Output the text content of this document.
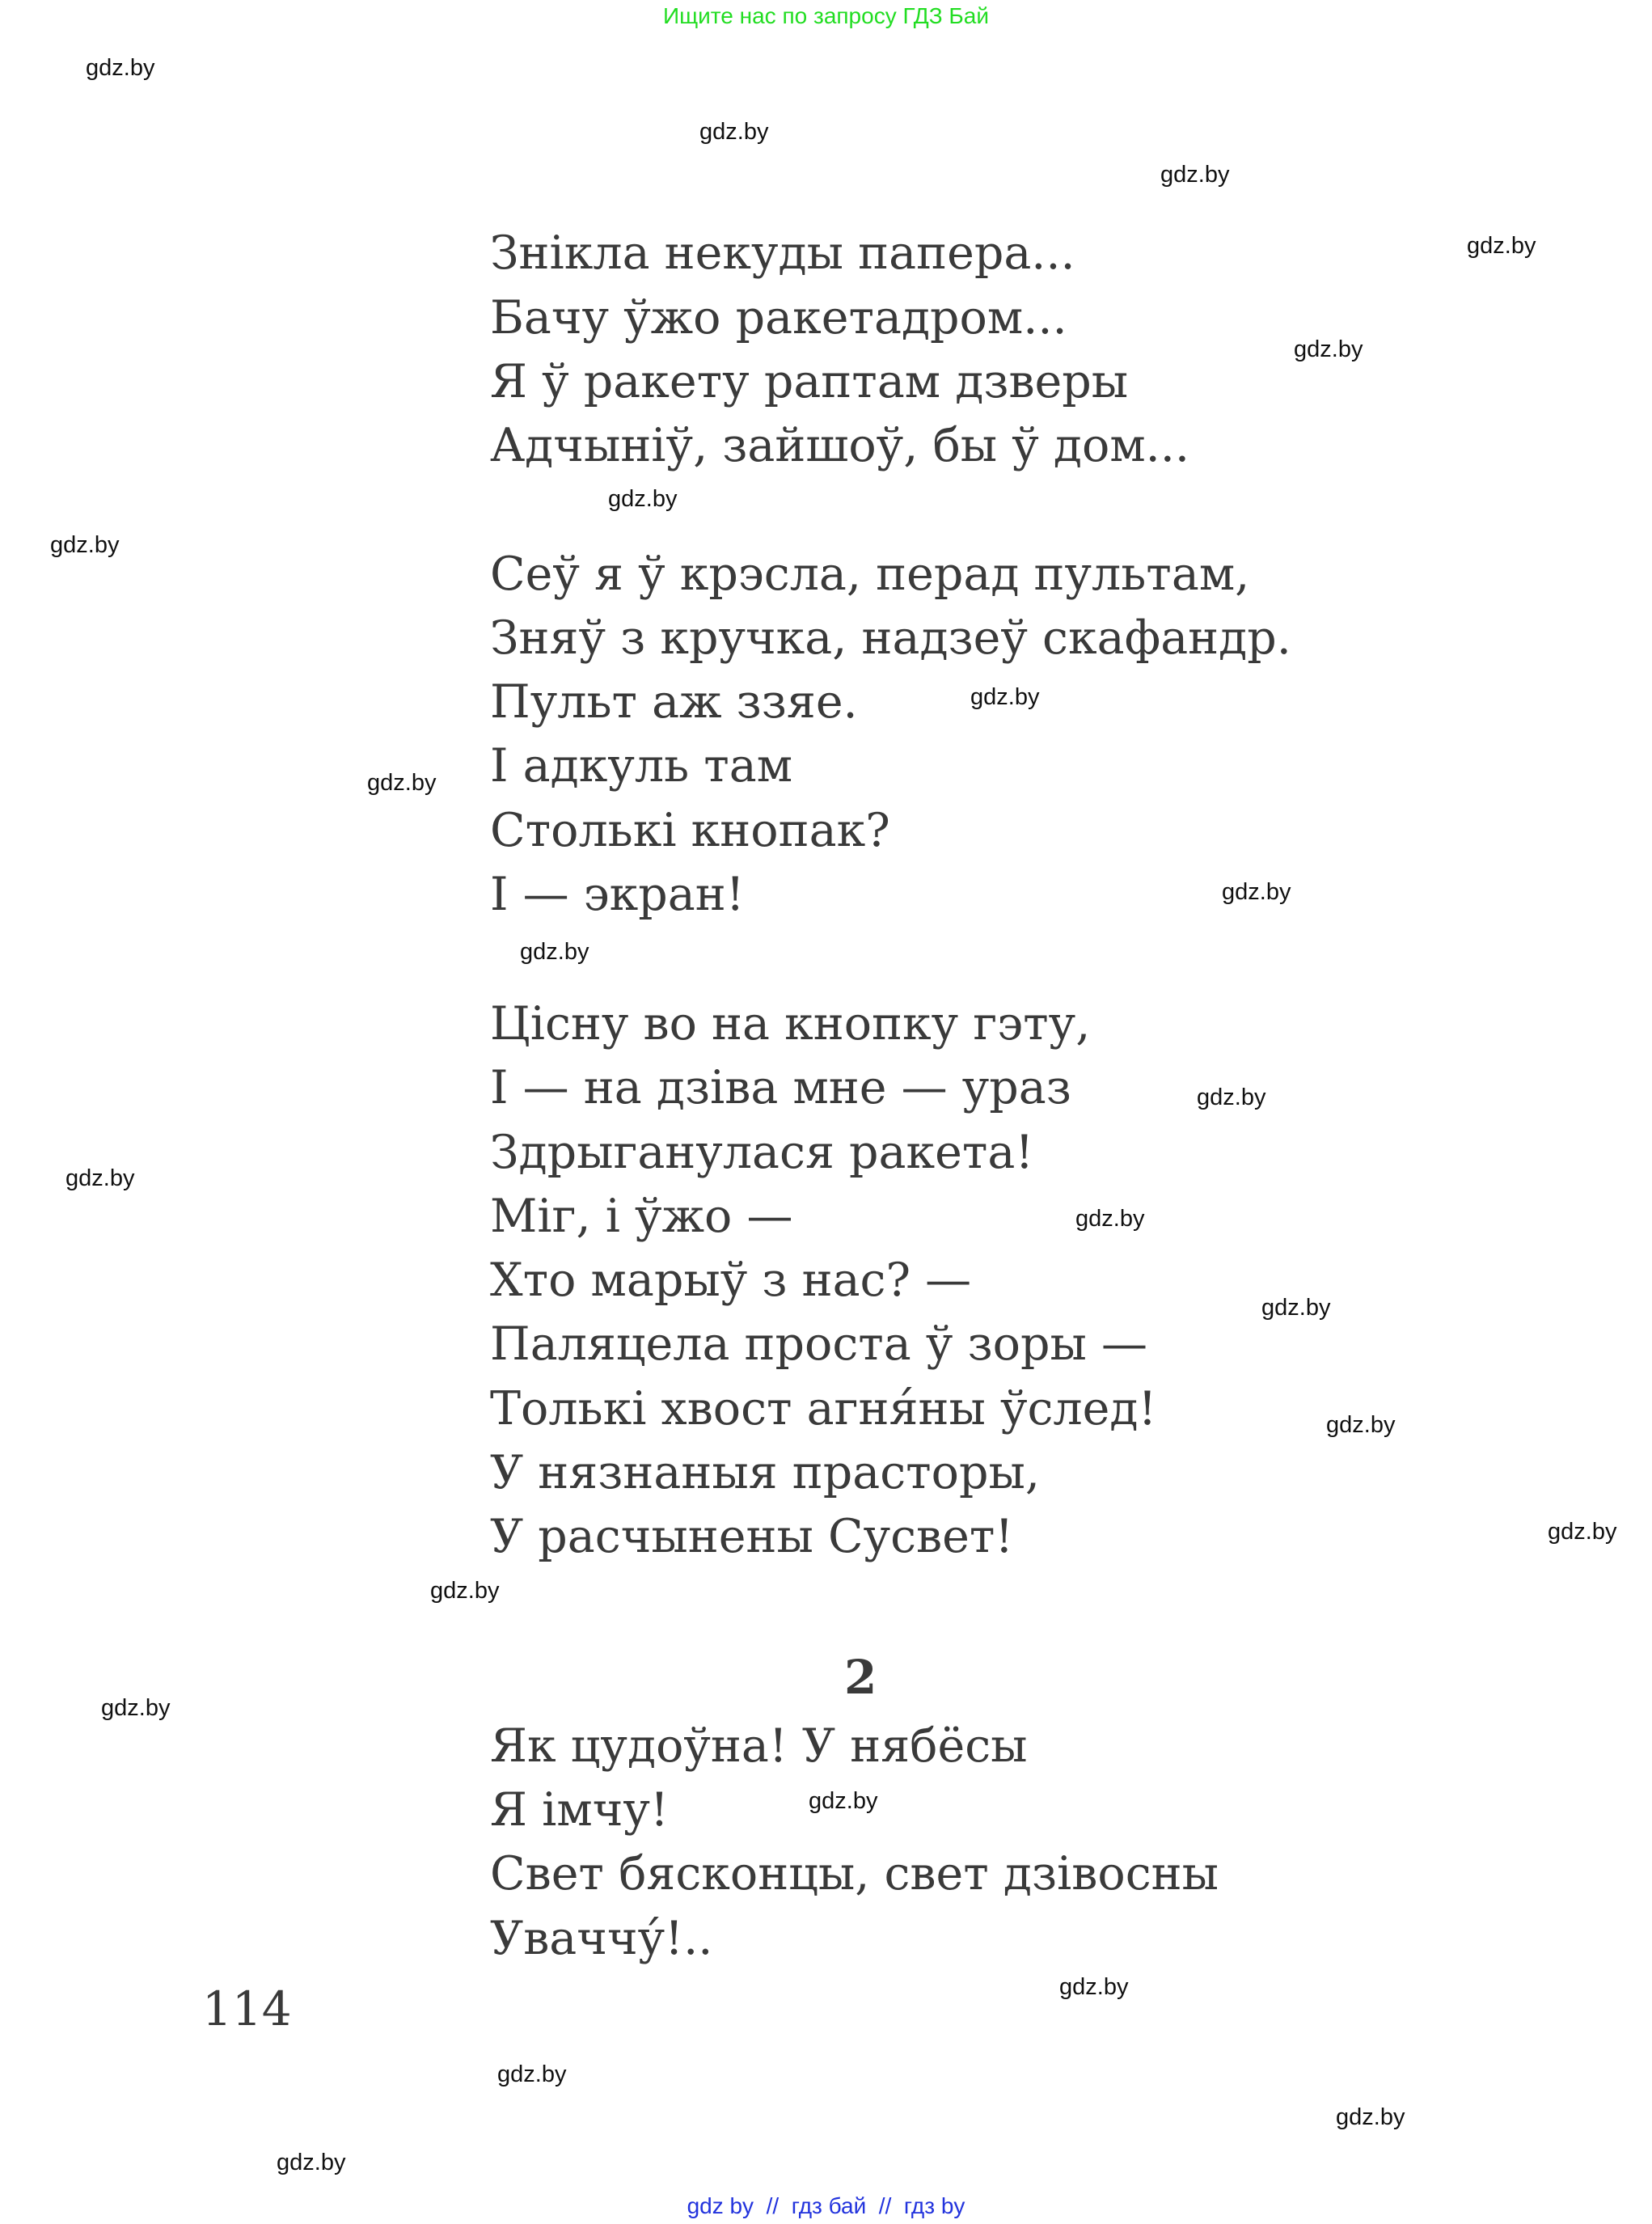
Ищите нас по запросу ГДЗ Бай
Знікла некуды папера...
Бачу ўжо ракетадром...
Я ў ракету раптам дзверы
Адчыніў, зайшоў, бы ў дом...
Сеў я ў крэсла, перад пультам,
Зняў з кручка, надзеў скафандр.
Пульт аж ззяе.
І адкуль там
Столькі кнопак?
І — экран!
Цісну во на кнопку гэту,
І — на дзіва мне — ураз
Здрыганулася ракета!
Міг, і ўжо —
Хто марыў з нас? —
Паляцела проста ў зоры —
Толькі хвост агня́ны ўслед!
У нязнаныя прасторы,
У расчынены Сусвет!
2
Як цудоўна! У нябёсы
Я імчу!
Свет бясконцы, свет дзівосны
Уваччу́!..
114
gdz.by
gdz.by
gdz.by
gdz.by
gdz.by
gdz.by
gdz.by
gdz.by
gdz.by
gdz.by
gdz.by
gdz.by
gdz.by
gdz.by
gdz.by
gdz.by
gdz.by
gdz.by
gdz.by
gdz.by
gdz.by
gdz.by
gdz.by
gdz.by
gdz by  //  гдз бай  //  гдз by
